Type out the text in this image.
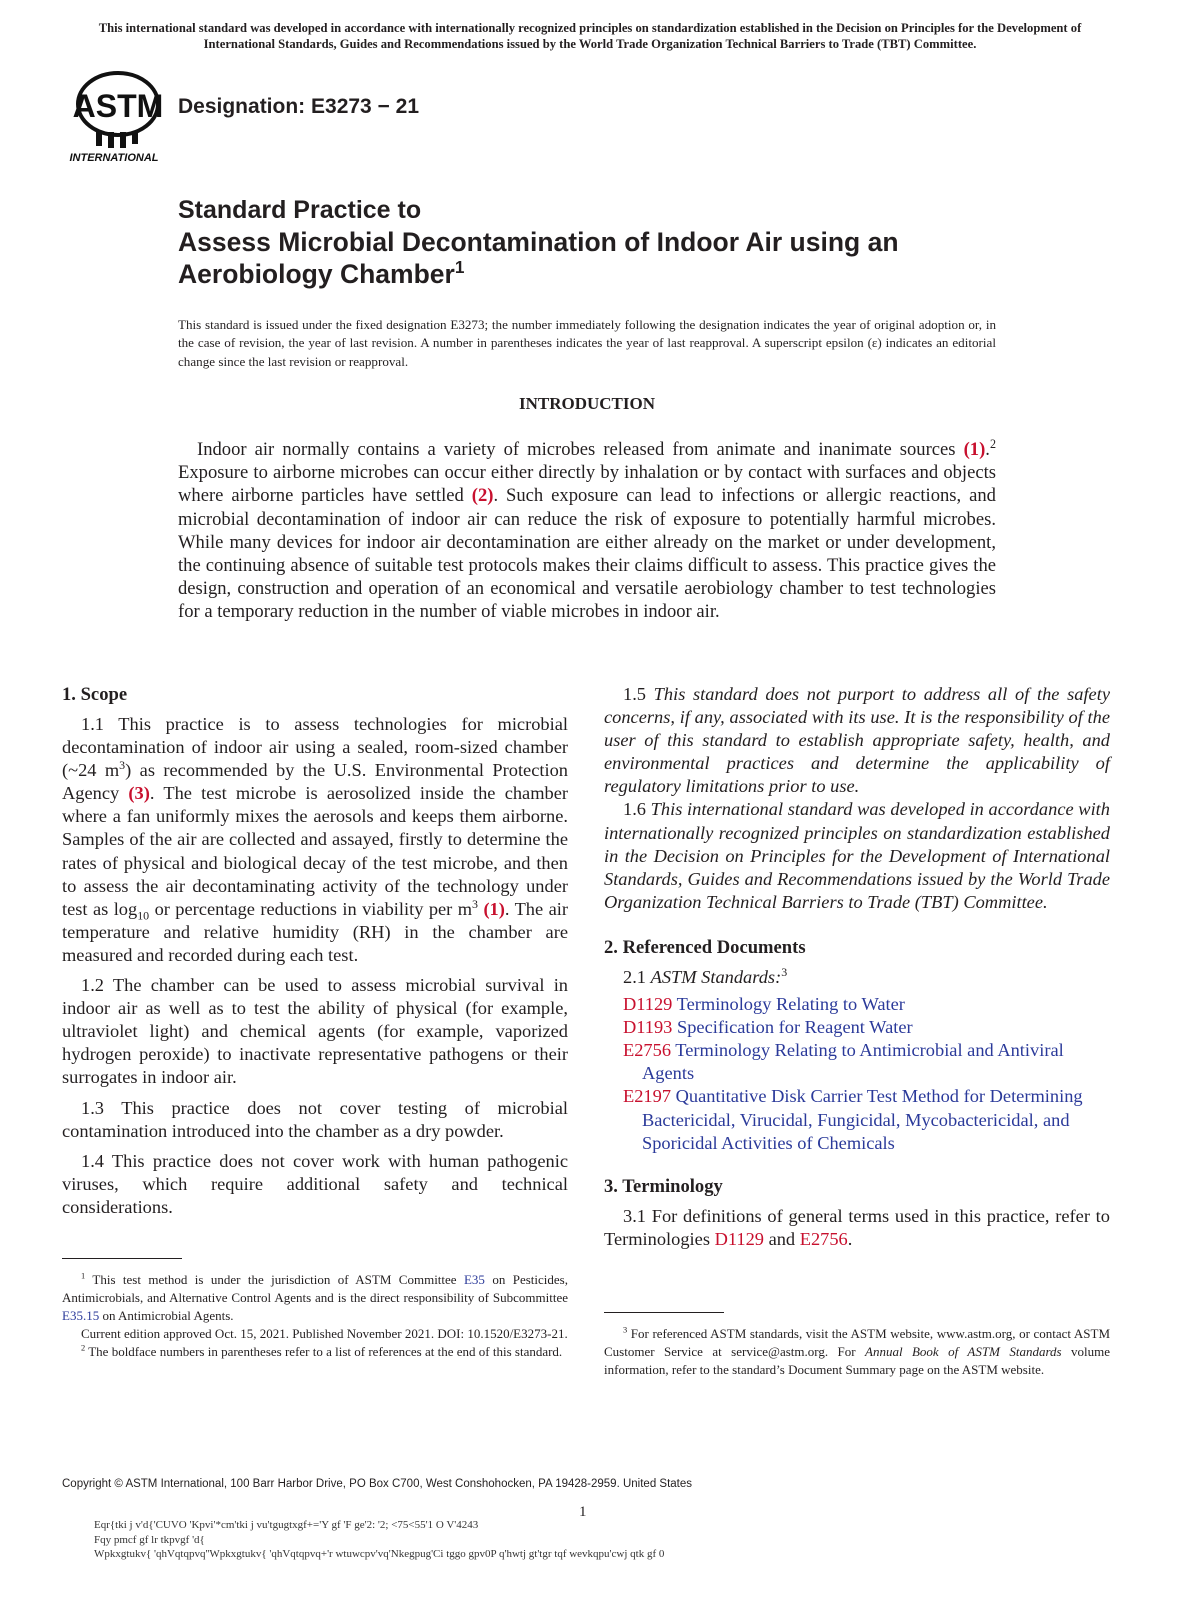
This international standard was developed in accordance with internationally recognized principles on standardization established in the Decision on Principles for the Development of International Standards, Guides and Recommendations issued by the World Trade Organization Technical Barriers to Trade (TBT) Committee.
ASTM
INTERNATIONAL
Designation: E3273 − 21
Standard Practice to
Assess Microbial Decontamination of Indoor Air using an
Aerobiology Chamber$^1$
This standard is issued under the fixed designation E3273; the number immediately following the designation indicates the year of original adoption or, in the case of revision, the year of last revision. A number in parentheses indicates the year of last reapproval. A superscript epsilon (ε) indicates an editorial change since the last revision or reapproval.
INTRODUCTION
Indoor air normally contains a variety of microbes released from animate and inanimate sources (1).$^2$ Exposure to airborne microbes can occur either directly by inhalation or by contact with surfaces and objects where airborne particles have settled (2). Such exposure can lead to infections or allergic reactions, and microbial decontamination of indoor air can reduce the risk of exposure to potentially harmful microbes. While many devices for indoor air decontamination are either already on the market or under development, the continuing absence of suitable test protocols makes their claims difficult to assess. This practice gives the design, construction and operation of an economical and versatile aerobiology chamber to test technologies for a temporary reduction in the number of viable microbes in indoor air.
1. Scope

1.1 This practice is to assess technologies for microbial decontamination of indoor air using a sealed, room-sized chamber (~24 $m^3$) as recommended by the U.S. Environmental Protection Agency (3). The test microbe is aerosolized inside the chamber where a fan uniformly mixes the aerosols and keeps them airborne. Samples of the air are collected and assayed, firstly to determine the rates of physical and biological decay of the test microbe, and then to assess the air decontaminating activity of the technology under test as $\log_{10}$ or percentage reductions in viability per $m^3$ (1). The air temperature and relative humidity (RH) in the chamber are measured and recorded during each test.

1.2 The chamber can be used to assess microbial survival in indoor air as well as to test the ability of physical (for example, ultraviolet light) and chemical agents (for example, vaporized hydrogen peroxide) to inactivate representative pathogens or their surrogates in indoor air.

1.3 This practice does not cover testing of microbial contamination introduced into the chamber as a dry powder.

1.4 This practice does not cover work with human pathogenic viruses, which require additional safety and technical considerations.

1.5 This standard does not purport to address all of the safety concerns, if any, associated with its use. It is the responsibility of the user of this standard to establish appropriate safety, health, and environmental practices and determine the applicability of regulatory limitations prior to use.

1.6 This international standard was developed in accordance with internationally recognized principles on standardization established in the Decision on Principles for the Development of International Standards, Guides and Recommendations issued by the World Trade Organization Technical Barriers to Trade (TBT) Committee.

2. Referenced Documents
2.1 ASTM Standards:$^3$
D1129 Terminology Relating to Water
D1193 Specification for Reagent Water
E2756 Terminology Relating to Antimicrobial and Antiviral Agents
E2197 Quantitative Disk Carrier Test Method for Determining Bactericidal, Virucidal, Fungicidal, Mycobactericidal, and Sporicidal Activities of Chemicals
3. Terminology

3.1 For definitions of general terms used in this practice, refer to Terminologies D1129 and E2756.

$^1$ This test method is under the jurisdiction of ASTM Committee E35 on Pesticides, Antimicrobials, and Alternative Control Agents and is the direct responsibility of Subcommittee E35.15 on Antimicrobial Agents.

Current edition approved Oct. 15, 2021. Published November 2021. DOI: 10.1520/E3273-21.

$^2$ The boldface numbers in parentheses refer to a list of references at the end of this standard.

$^3$ For referenced ASTM standards, visit the ASTM website, www.astm.org, or contact ASTM Customer Service at service@astm.org. For Annual Book of ASTM Standards volume information, refer to the standard’s Document Summary page on the ASTM website.

Copyright © ASTM International, 100 Barr Harbor Drive, PO Box C700, West Conshohocken, PA 19428-2959. United States
1
Eqr{tki j v'd{'CUVO 'Kpvi'*cm'tki j vu'tgugtxgf+='Y gf 'F ge'2: '2; <75<55'1 O V'4243
Fqy pmcf gf lr tkpvgf 'd{
Wpkxgtukv{ 'qhVqtqpvq''Wpkxgtukv{ 'qhVqtqpvq+'r wtuwcpv'vq'Nkegpug'Ci tggo gpv0P q'hwtj gt'tgr tqf wevkqpu'cwj qtk gf 0
